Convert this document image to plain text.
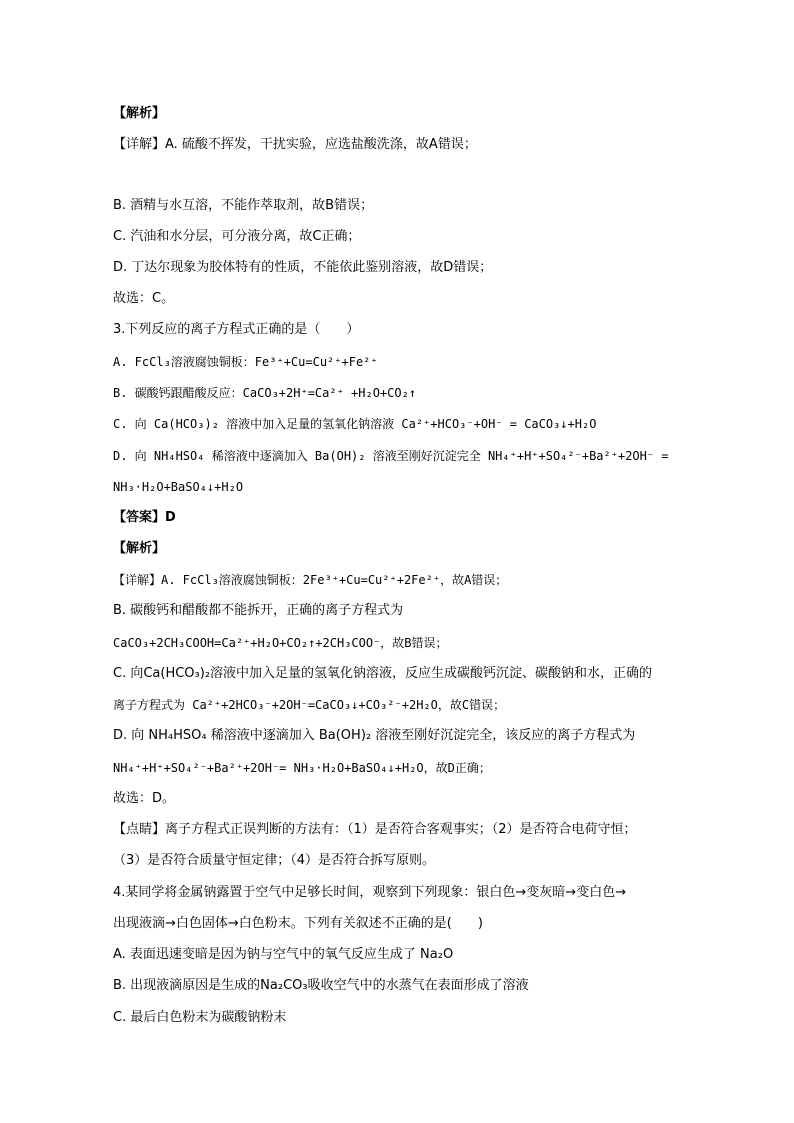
【解析】
【详解】A. 硫酸不挥发，干扰实验，应选盐酸洗涤，故A错误；
B. 酒精与水互溶，不能作萃取剂，故B错误；
C. 汽油和水分层，可分液分离，故C正确；
D. 丁达尔现象为胶体特有的性质，不能依此鉴别溶液，故D错误；
故选：C。
3.下列反应的离子方程式正确的是（　　）
A. FcCl₃溶液腐蚀铜板：Fe³⁺+Cu=Cu²⁺+Fe²⁺
B. 碳酸钙跟醋酸反应：CaCO₃+2H⁺=Ca²⁺ +H₂O+CO₂↑
C. 向 Ca(HCO₃)₂ 溶液中加入足量的氢氧化钠溶液 Ca²⁺+HCO₃⁻+OH⁻ = CaCO₃↓+H₂O
D. 向 NH₄HSO₄ 稀溶液中逐滴加入 Ba(OH)₂ 溶液至刚好沉淀完全 NH₄⁺+H⁺+SO₄²⁻+Ba²⁺+2OH⁻ =
NH₃·H₂O+BaSO₄↓+H₂O
【答案】D
【解析】
【详解】A. FcCl₃溶液腐蚀铜板：2Fe³⁺+Cu=Cu²⁺+2Fe²⁺，故A错误；
B. 碳酸钙和醋酸都不能拆开，正确的离子方程式为
CaCO₃+2CH₃COOH=Ca²⁺+H₂O+CO₂↑+2CH₃COO⁻，故B错误；
C. 向Ca(HCO₃)₂溶液中加入足量的氢氧化钠溶液，反应生成碳酸钙沉淀、碳酸钠和水，正确的
离子方程式为 Ca²⁺+2HCO₃⁻+2OH⁻=CaCO₃↓+CO₃²⁻+2H₂O，故C错误；
D. 向 NH₄HSO₄ 稀溶液中逐滴加入 Ba(OH)₂ 溶液至刚好沉淀完全，该反应的离子方程式为
NH₄⁺+H⁺+SO₄²⁻+Ba²⁺+2OH⁻= NH₃·H₂O+BaSO₄↓+H₂O，故D正确；
故选：D。
【点睛】离子方程式正误判断的方法有：（1）是否符合客观事实；（2）是否符合电荷守恒；
（3）是否符合质量守恒定律；（4）是否符合拆写原则。
4.某同学将金属钠露置于空气中足够长时间，观察到下列现象：银白色→变灰暗→变白色→
出现液滴→白色固体→白色粉末。下列有关叙述不正确的是(　　)
A. 表面迅速变暗是因为钠与空气中的氧气反应生成了 Na₂O
B. 出现液滴原因是生成的Na₂CO₃吸收空气中的水蒸气在表面形成了溶液
C. 最后白色粉末为碳酸钠粉末
